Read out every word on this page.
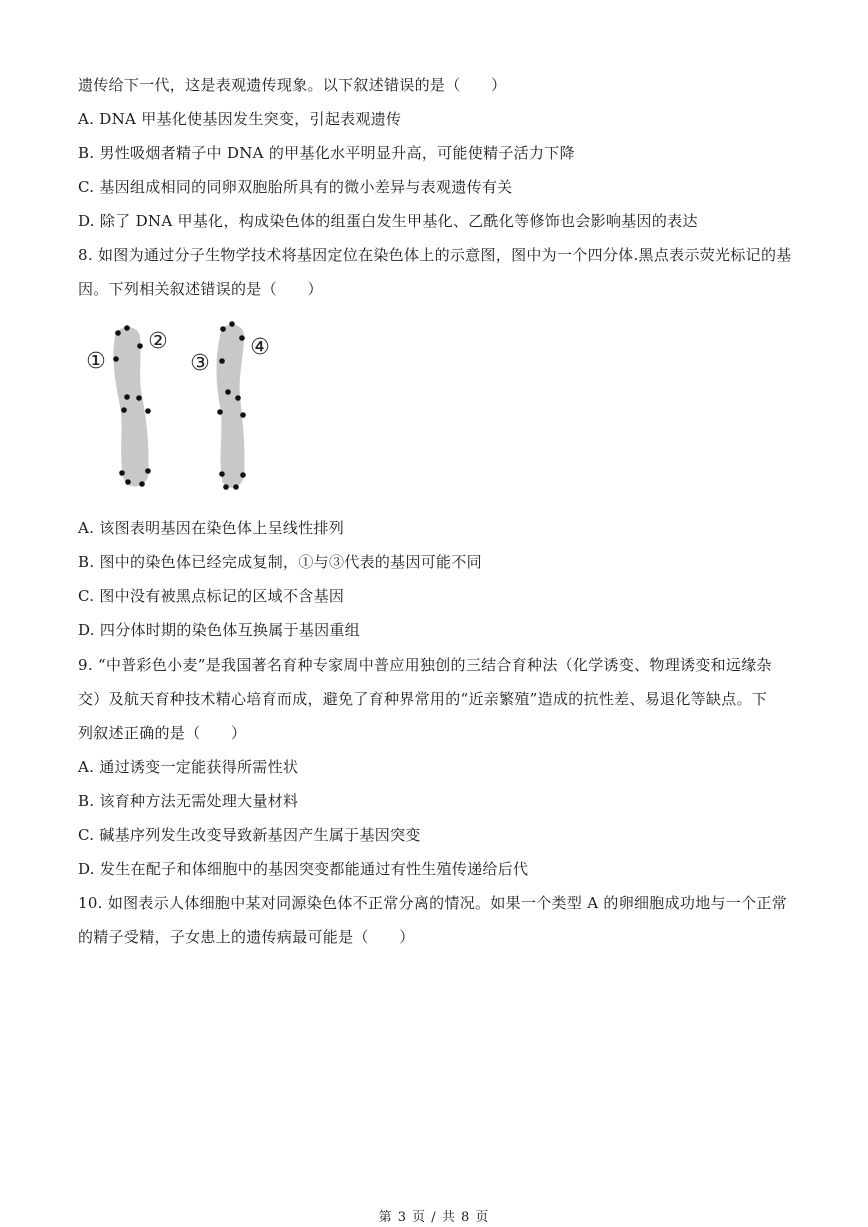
遗传给下一代，这是表观遗传现象。以下叙述错误的是（　　）
A. DNA 甲基化使基因发生突变，引起表观遗传
B. 男性吸烟者精子中 DNA 的甲基化水平明显升高，可能使精子活力下降
C. 基因组成相同的同卵双胞胎所具有的微小差异与表观遗传有关
D. 除了 DNA 甲基化，构成染色体的组蛋白发生甲基化、乙酰化等修饰也会影响基因的表达
8. 如图为通过分子生物学技术将基因定位在染色体上的示意图，图中为一个四分体.黑点表示荧光标记的基
因。下列相关叙述错误的是（　　）
①
②
③
④
A. 该图表明基因在染色体上呈线性排列
B. 图中的染色体已经完成复制，①与③代表的基因可能不同
C. 图中没有被黑点标记的区域不含基因
D. 四分体时期的染色体互换属于基因重组
9. “中普彩色小麦”是我国著名育种专家周中普应用独创的三结合育种法（化学诱变、物理诱变和远缘杂
交）及航天育种技术精心培育而成，避免了育种界常用的“近亲繁殖”造成的抗性差、易退化等缺点。下
列叙述正确的是（　　）
A. 通过诱变一定能获得所需性状
B. 该育种方法无需处理大量材料
C. 碱基序列发生改变导致新基因产生属于基因突变
D. 发生在配子和体细胞中的基因突变都能通过有性生殖传递给后代
10. 如图表示人体细胞中某对同源染色体不正常分离的情况。如果一个类型 A 的卵细胞成功地与一个正常
的精子受精，子女患上的遗传病最可能是（　　）
第 3 页 / 共 8 页
